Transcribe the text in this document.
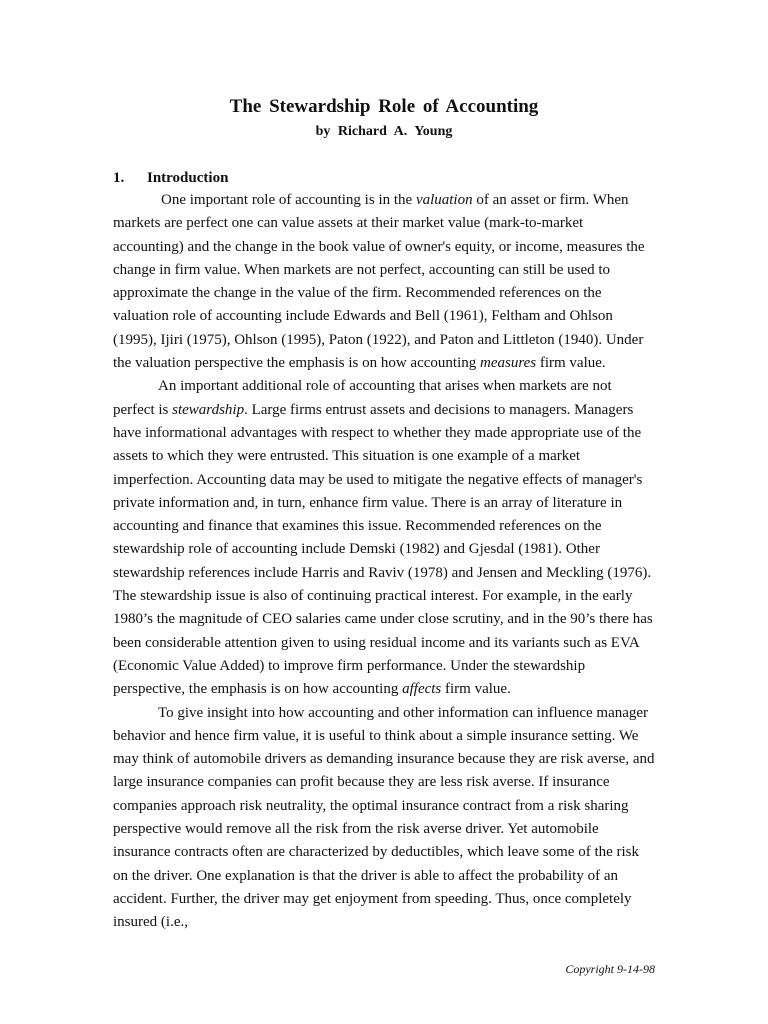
The Stewardship Role of Accounting
by Richard A. Young
1. Introduction

One important role of accounting is in the valuation of an asset or firm. When markets are perfect one can value assets at their market value (mark-to-market accounting) and the change in the book value of owner's equity, or income, measures the change in firm value. When markets are not perfect, accounting can still be used to approximate the change in the value of the firm. Recommended references on the valuation role of accounting include Edwards and Bell (1961), Feltham and Ohlson (1995), Ijiri (1975), Ohlson (1995), Paton (1922), and Paton and Littleton (1940). Under the valuation perspective the emphasis is on how accounting measures firm value.

An important additional role of accounting that arises when markets are not perfect is stewardship. Large firms entrust assets and decisions to managers. Managers have informational advantages with respect to whether they made appropriate use of the assets to which they were entrusted. This situation is one example of a market imperfection. Accounting data may be used to mitigate the negative effects of manager's private information and, in turn, enhance firm value. There is an array of literature in accounting and finance that examines this issue. Recommended references on the stewardship role of accounting include Demski (1982) and Gjesdal (1981). Other stewardship references include Harris and Raviv (1978) and Jensen and Meckling (1976). The stewardship issue is also of continuing practical interest. For example, in the early 1980’s the magnitude of CEO salaries came under close scrutiny, and in the 90’s there has been considerable attention given to using residual income and its variants such as EVA (Economic Value Added) to improve firm performance. Under the stewardship perspective, the emphasis is on how accounting affects firm value.

To give insight into how accounting and other information can influence manager behavior and hence firm value, it is useful to think about a simple insurance setting. We may think of automobile drivers as demanding insurance because they are risk averse, and large insurance companies can profit because they are less risk averse. If insurance companies approach risk neutrality, the optimal insurance contract from a risk sharing perspective would remove all the risk from the risk averse driver. Yet automobile insurance contracts often are characterized by deductibles, which leave some of the risk on the driver. One explanation is that the driver is able to affect the probability of an accident. Further, the driver may get enjoyment from speeding. Thus, once completely insured (i.e.,

Copyright 9-14-98
